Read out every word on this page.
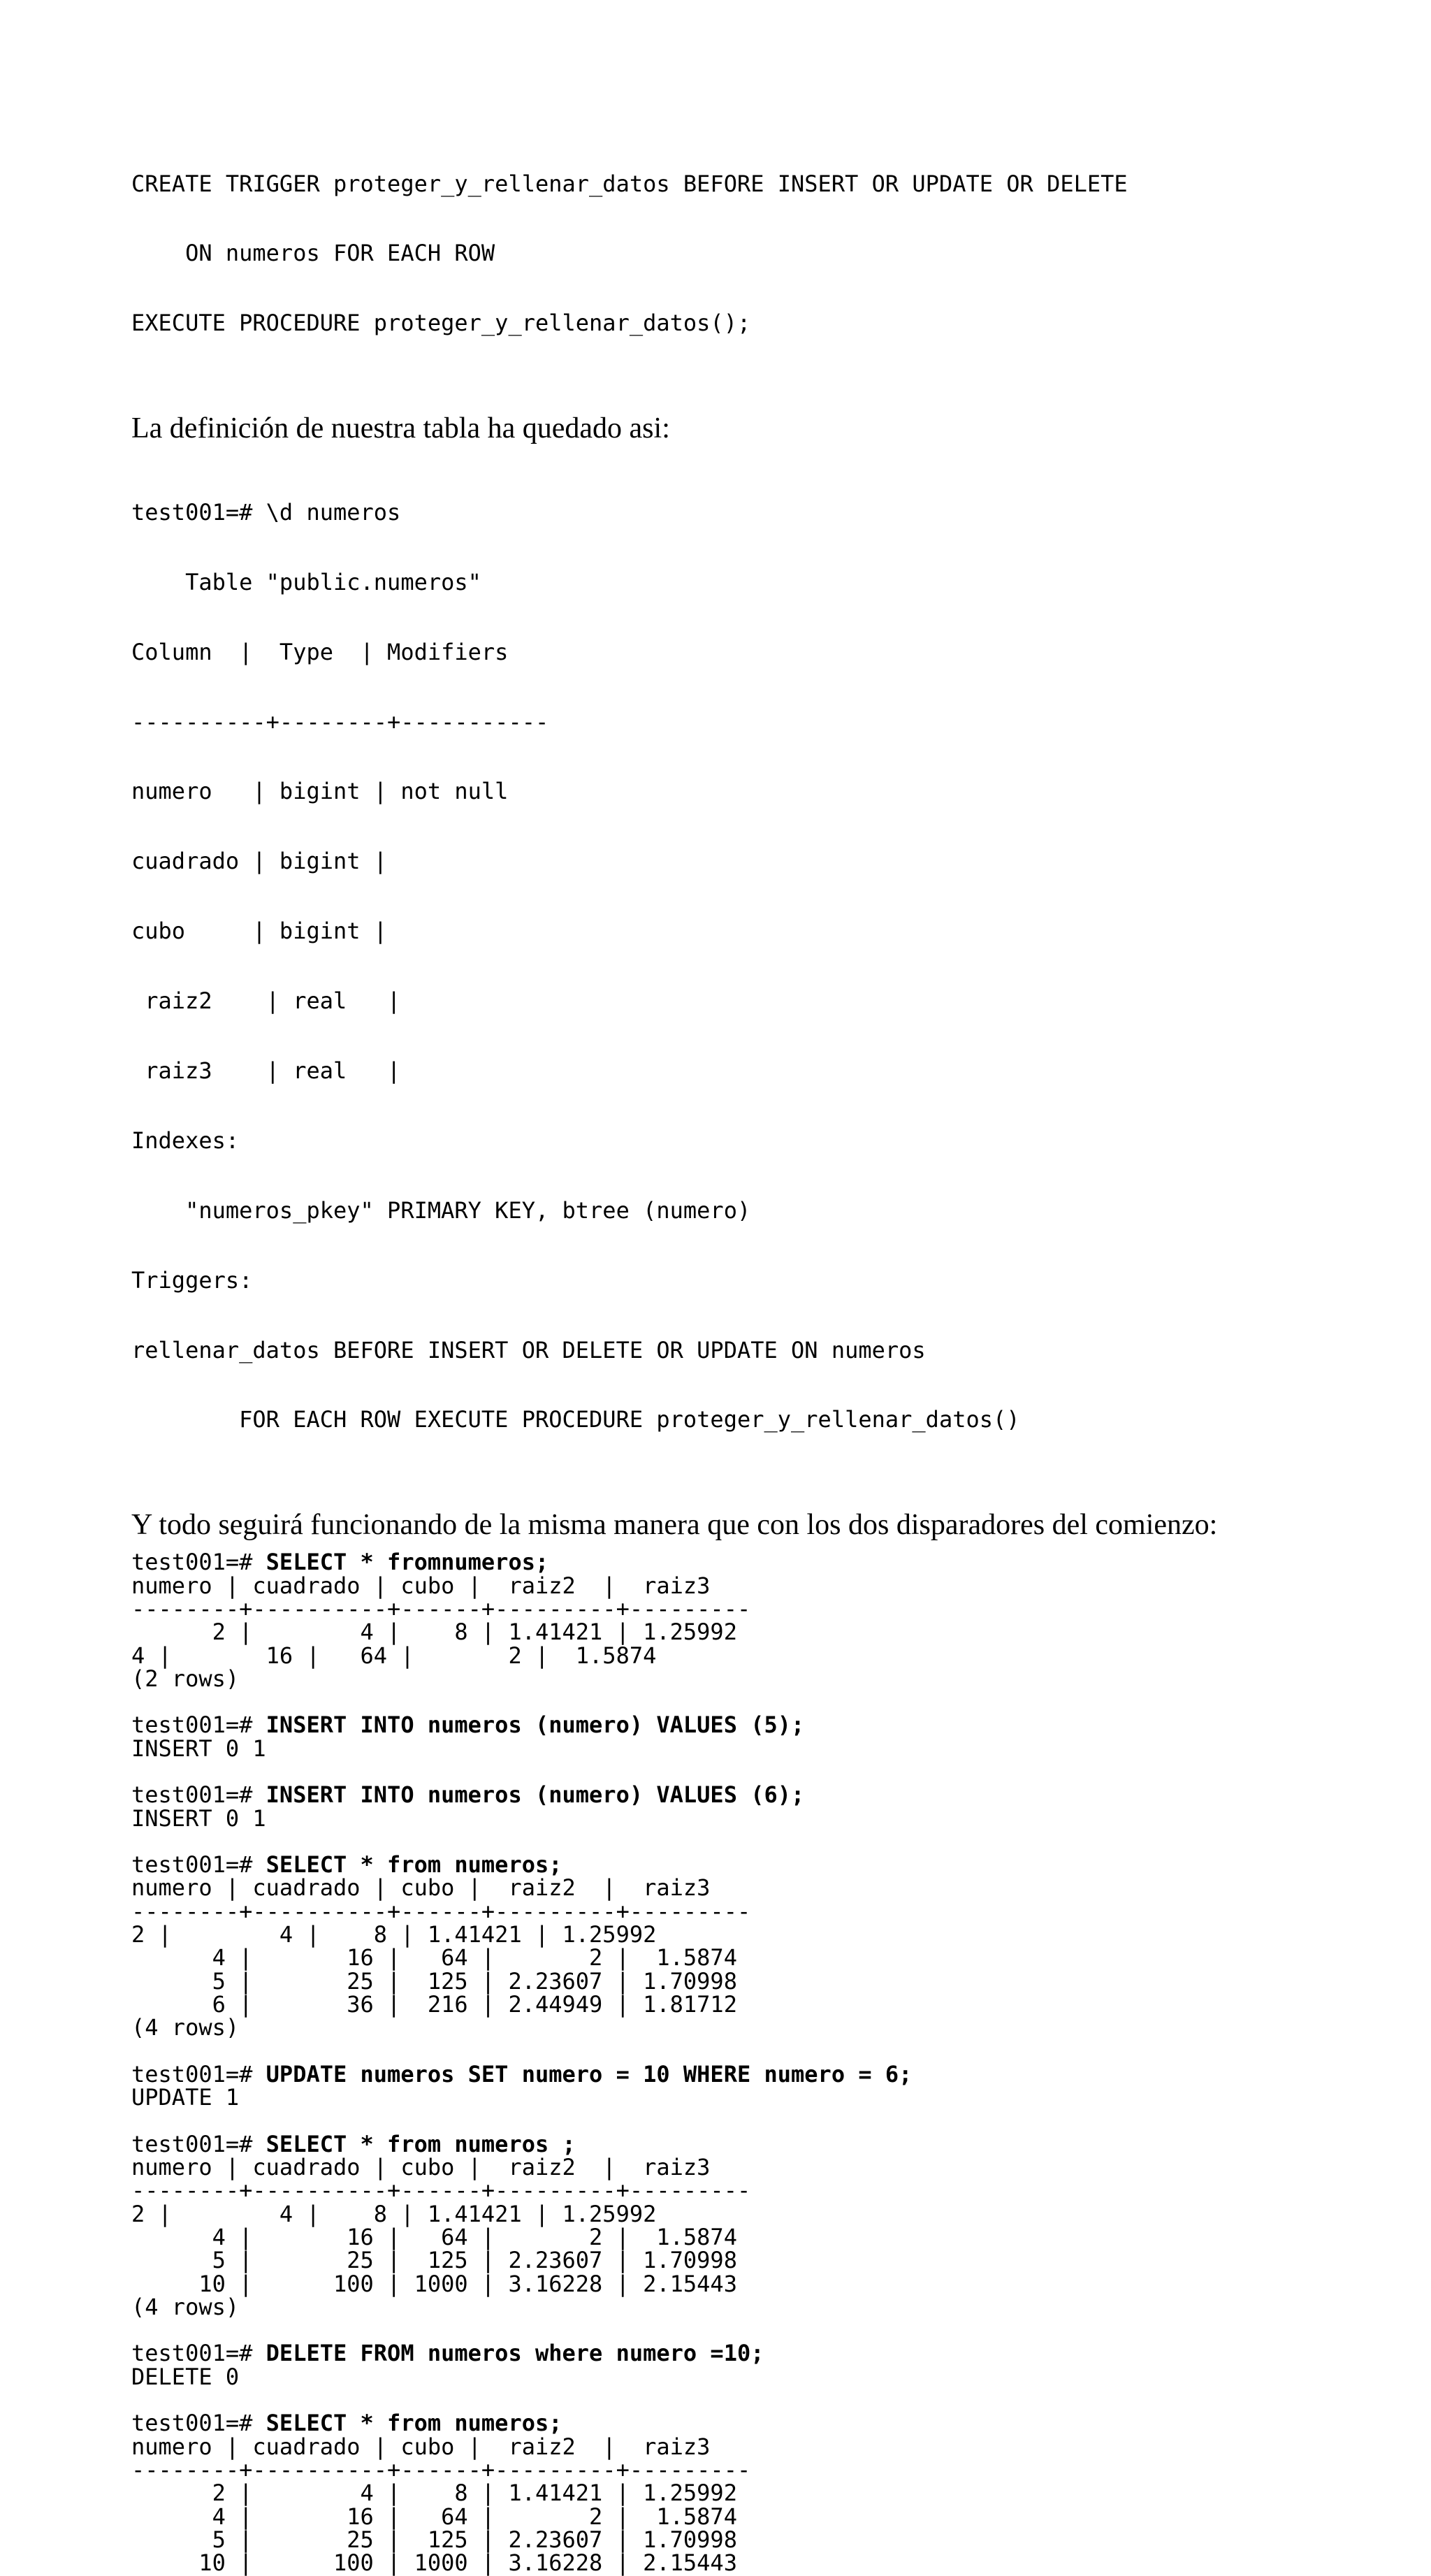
CREATE TRIGGER proteger_y_rellenar_datos BEFORE INSERT OR UPDATE OR DELETE

ON numeros FOR EACH ROW

EXECUTE PROCEDURE proteger_y_rellenar_datos();

La definición de nuestra tabla ha quedado asi:

test001=# \d numeros

Table "public.numeros"

Column  |  Type  | Modifiers

----------+--------+-----------

numero   | bigint | not null

cuadrado | bigint |

cubo     | bigint |

raiz2    | real   |

raiz3    | real   |

Indexes:

"numeros_pkey" PRIMARY KEY, btree (numero)

Triggers:

rellenar_datos BEFORE INSERT OR DELETE OR UPDATE ON numeros

FOR EACH ROW EXECUTE PROCEDURE proteger_y_rellenar_datos()

Y todo seguirá funcionando de la misma manera que con los dos disparadores del comienzo:

test001=# SELECT * fromnumeros;
numero | cuadrado | cubo |  raiz2  |  raiz3
--------+----------+------+---------+---------
2 |        4 |    8 | 1.41421 | 1.25992
4 |       16 |   64 |       2 |  1.5874
(2 rows)
test001=# INSERT INTO numeros (numero) VALUES (5);
INSERT 0 1
test001=# INSERT INTO numeros (numero) VALUES (6);
INSERT 0 1
test001=# SELECT * from numeros;
numero | cuadrado | cubo |  raiz2  |  raiz3
--------+----------+------+---------+---------
2 |        4 |    8 | 1.41421 | 1.25992
4 |       16 |   64 |       2 |  1.5874
5 |       25 |  125 | 2.23607 | 1.70998
6 |       36 |  216 | 2.44949 | 1.81712
(4 rows)
test001=# UPDATE numeros SET numero = 10 WHERE numero = 6;
UPDATE 1
test001=# SELECT * from numeros ;
numero | cuadrado | cubo |  raiz2  |  raiz3
--------+----------+------+---------+---------
2 |        4 |    8 | 1.41421 | 1.25992
4 |       16 |   64 |       2 |  1.5874
5 |       25 |  125 | 2.23607 | 1.70998
10 |      100 | 1000 | 3.16228 | 2.15443
(4 rows)
test001=# DELETE FROM numeros where numero =10;
DELETE 0
test001=# SELECT * from numeros;
numero | cuadrado | cubo |  raiz2  |  raiz3
--------+----------+------+---------+---------
2 |        4 |    8 | 1.41421 | 1.25992
4 |       16 |   64 |       2 |  1.5874
5 |       25 |  125 | 2.23607 | 1.70998
10 |      100 | 1000 | 3.16228 | 2.15443
